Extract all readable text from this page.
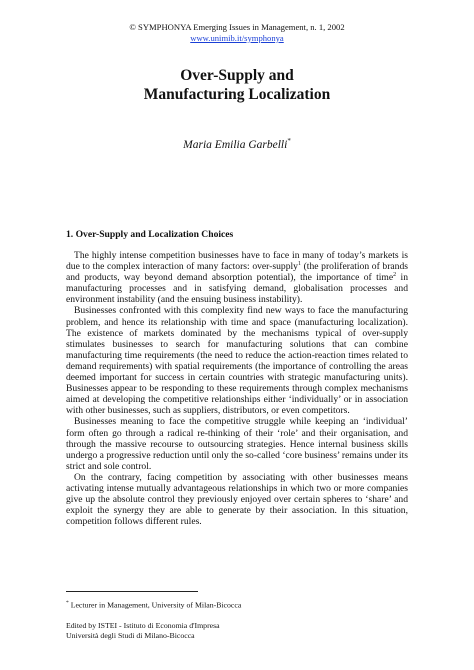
© SYMPHONYA Emerging Issues in Management, n. 1, 2002
www.unimib.it/symphonya
Over-Supply and
Manufacturing Localization
Maria Emilia Garbelli*
1. Over-Supply and Localization Choices

The highly intense competition businesses have to face in many of today’s markets is due to the complex interaction of many factors: over-supply$^1$ (the proliferation of brands and products, way beyond demand absorption potential), the importance of time$^2$ in manufacturing processes and in satisfying demand, globalisation processes and environment instability (and the ensuing business instability).

Businesses confronted with this complexity find new ways to face the manufacturing problem, and hence its relationship with time and space (manufacturing localization). The existence of markets dominated by the mechanisms typical of over-supply stimulates businesses to search for manufacturing solutions that can combine manufacturing time requirements (the need to reduce the action-reaction times related to demand requirements) with spatial requirements (the importance of controlling the areas deemed important for success in certain countries with strategic manufacturing units). Businesses appear to be responding to these requirements through complex mechanisms aimed at developing the competitive relationships either ‘individually’ or in association with other businesses, such as suppliers, distributors, or even competitors.

Businesses meaning to face the competitive struggle while keeping an ‘individual’ form often go through a radical re-thinking of their ‘role’ and their organisation, and through the massive recourse to outsourcing strategies. Hence internal business skills undergo a progressive reduction until only the so-called ‘core business’ remains under its strict and sole control.

On the contrary, facing competition by associating with other businesses means activating intense mutually advantageous relationships in which two or more companies give up the absolute control they previously enjoyed over certain spheres to ‘share’ and exploit the synergy they are able to generate by their association. In this situation, competition follows different rules.

* Lecturer in Management, University of Milan-Bicocca
Edited by ISTEI - Istituto di Economia d'Impresa
Università degli Studi di Milano-Bicocca
